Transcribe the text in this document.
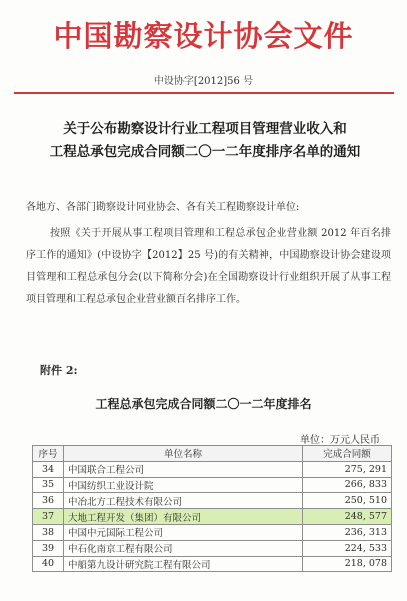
中国勘察设计协会文件
中设协字[2012]56 号
关于公布勘察设计行业工程项目管理营业收入和
工程总承包完成合同额二〇一二年度排序名单的通知
各地方、各部门勘察设计同业协会、各有关工程勘察设计单位:
按照《关于开展从事工程项目管理和工程总承包企业营业额 2012 年百名排序工作的通知》(中设协字【2012】25 号)的有关精神，中国勘察设计协会建设项目管理和工程总承包分会(以下简称分会)在全国勘察设计行业组织开展了从事工程项目管理和工程总承包企业营业额百名排序工作。
附件 2:
工程总承包完成合同额二〇一二年度排名
单位：万元人民币
序号	单位名称	完成合同额
34	中国联合工程公司	275, 291
35	中国纺织工业设计院	266, 833
36	中冶北方工程技术有限公司	250, 510
37	大地工程开发（集团）有限公司	248, 577
38	中国中元国际工程公司	236, 313
39	中石化南京工程有限公司	224, 533
40	中船第九设计研究院工程有限公司	218, 078
